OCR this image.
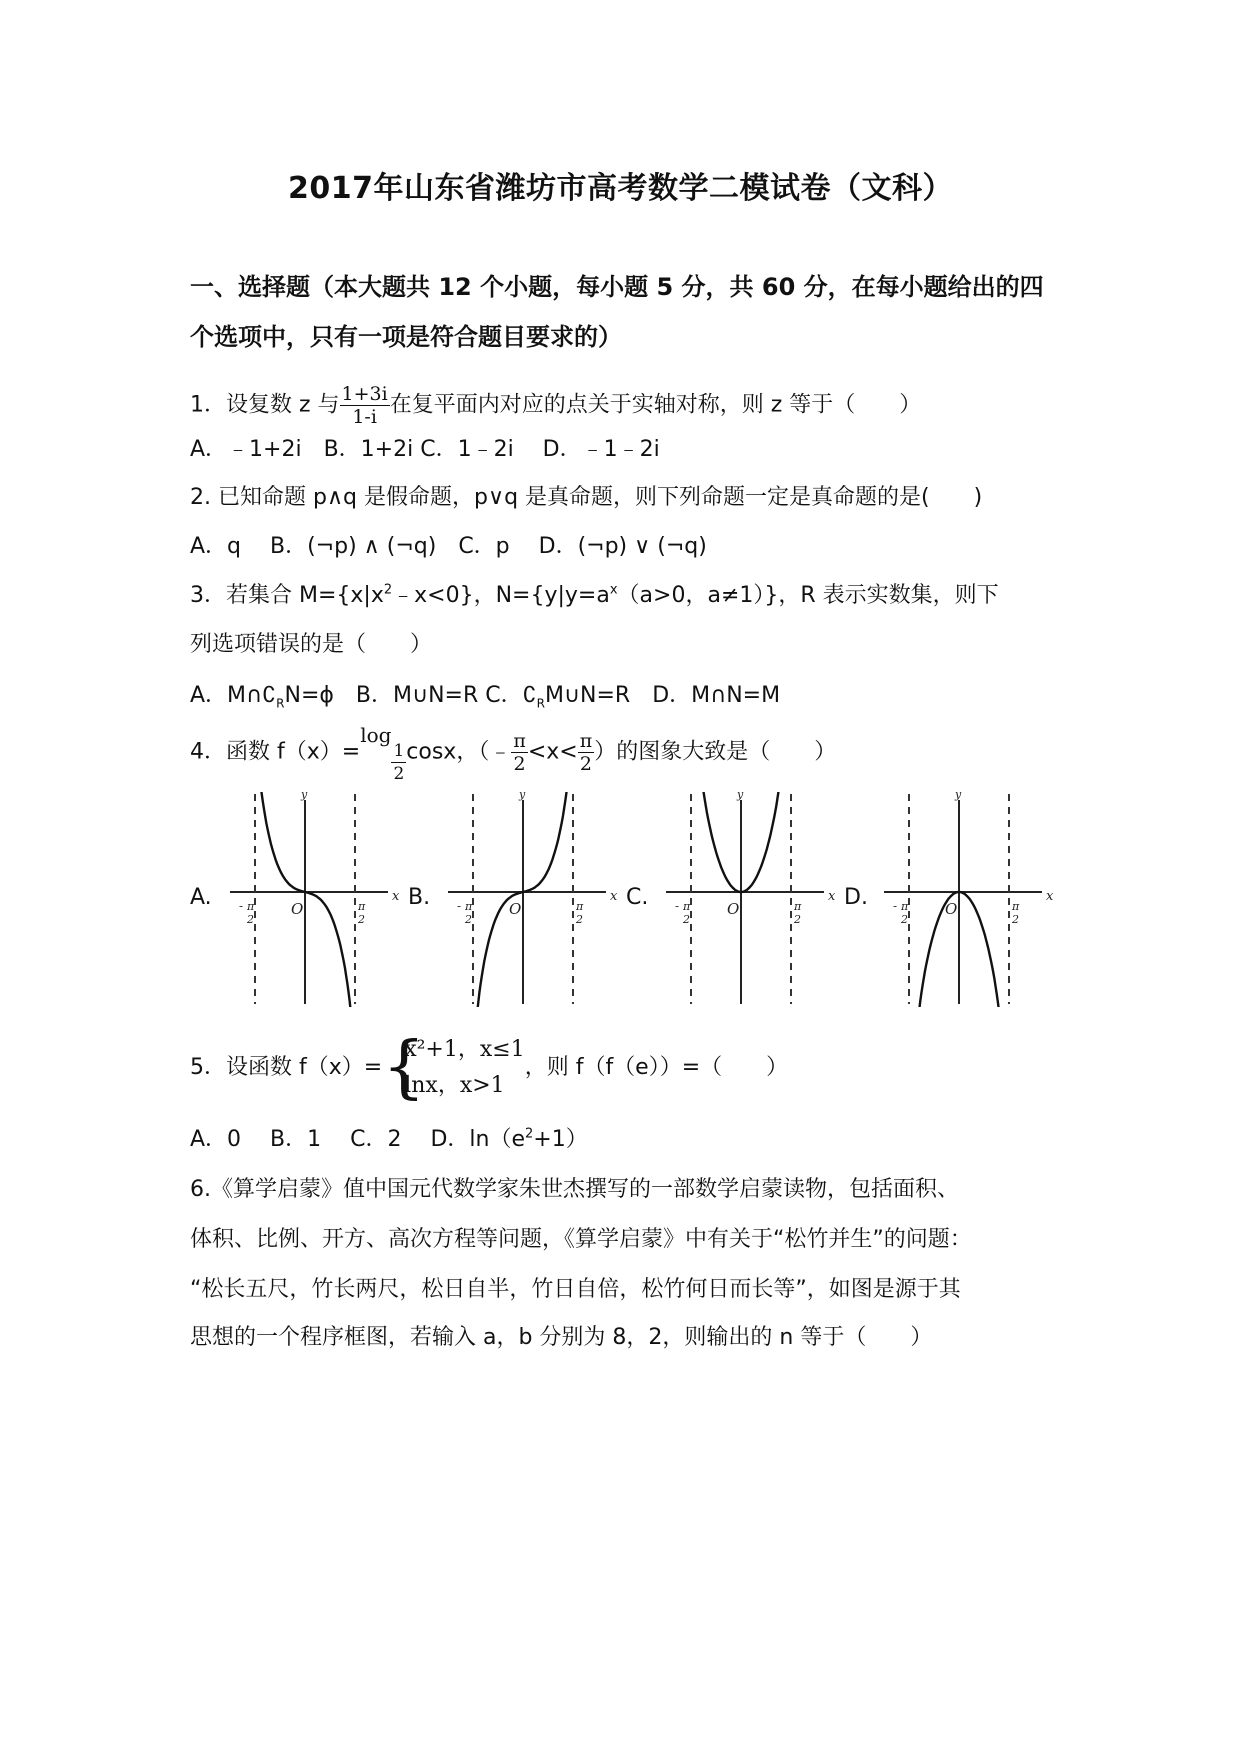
2017年山东省潍坊市高考数学二模试卷（文科）
一、选择题（本大题共 12 个小题，每小题 5 分，共 60 分，在每小题给出的四
个选项中，只有一项是符合题目要求的）
1．设复数 z 与 $\frac{1+3i}{1-i}$ 在复平面内对应的点关于实轴对称，则 z 等于（　　）
A．﹣1+2i　B．1+2i C．1﹣2i　 D．﹣1﹣2i
2. 已知命题 p∧q 是假命题，p∨q 是真命题，则下列命题一定是真命题的是(　　)
A．q　 B．(¬p) ∧ (¬q)　C．p　 D．(¬p) ∨ (¬q)
3．若集合 $M=\{x|x^2﹣x<0\}$，$N=\{y|y=a^x(a>0$，a≠1）}，R 表示实数集，则下
列选项错误的是（　　）
A．$M\cap∁_RN=\phi$　B．M∪N=R C．$∁_RM\cup N=R$　D．M∩N=M
4．函数 f（x）=log
$\frac{1}{2}$ cosx，（﹣ $\frac{\pi}{2} <x< \frac{\pi}{2}$ ）的图象大致是（　　）
A.	x
y
O
- π
2
π
2
B.	x
y
O
- π
2
π
2
C.	x
y
O
- π
2
π
2
D.	x
y
O
- π
2
π
2
5．设函数 f（x）= {
x²+1，x≤1
lnx，x>1
，则 f（f（e））=（　　）
A．0　 B．1　 C．2　 D．$\ln(e^2+1)$
6.《算学启蒙》值中国元代数学家朱世杰撰写的一部数学启蒙读物，包括面积、
体积、比例、开方、高次方程等问题，《算学启蒙》中有关于“松竹并生”的问题：
“松长五尺，竹长两尺，松日自半，竹日自倍，松竹何日而长等”，如图是源于其
思想的一个程序框图，若输入 a，b 分别为 8，2，则输出的 n 等于（　　）
